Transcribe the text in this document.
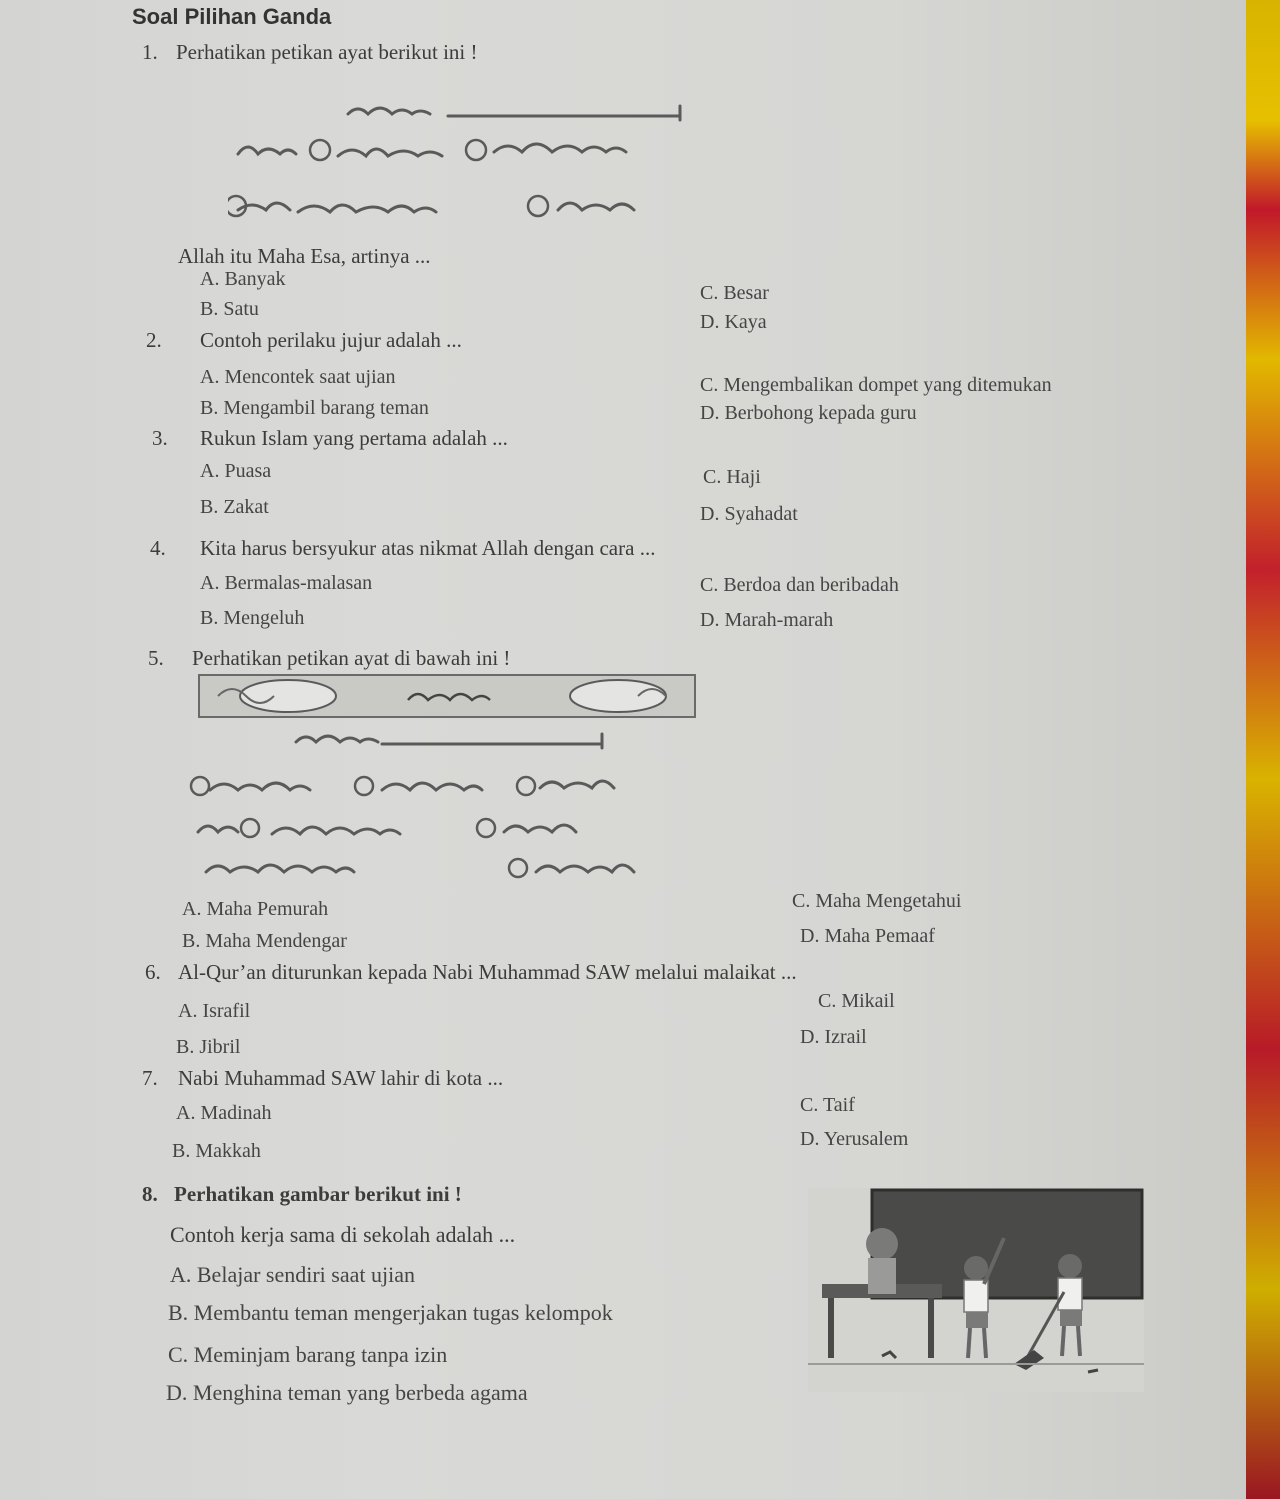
Soal Pilihan Ganda
1. Perhatikan petikan ayat berikut ini !
Allah itu Maha Esa, artinya ...
A. Banyak
C. Besar
B. Satu
D. Kaya
2. Contoh perilaku jujur adalah ...
A. Mencontek saat ujian	C. Mengembalikan dompet yang ditemukan
B. Mengambil barang teman	D. Berbohong kepada guru
3. Rukun Islam yang pertama adalah ...
A. Puasa	C. Haji
B. Zakat	D. Syahadat
4. Kita harus bersyukur atas nikmat Allah dengan cara ...
A. Bermalas-malasan	C. Berdoa dan beribadah
B. Mengeluh	D. Marah-marah
5. Perhatikan petikan ayat di bawah ini !
A. Maha Pemurah	C. Maha Mengetahui
B. Maha Mendengar	D. Maha Pemaaf
6. Al-Qur’an diturunkan kepada Nabi Muhammad SAW melalui malaikat ...
A. Israfil	C. Mikail
B. Jibril	D. Izrail
7. Nabi Muhammad SAW lahir di kota ...
A. Madinah	C. Taif
B. Makkah
D. Yerusalem
8. Perhatikan gambar berikut ini !
Contoh kerja sama di sekolah adalah ...
A. Belajar sendiri saat ujian
B. Membantu teman mengerjakan tugas kelompok
C. Meminjam barang tanpa izin
D. Menghina teman yang berbeda agama
